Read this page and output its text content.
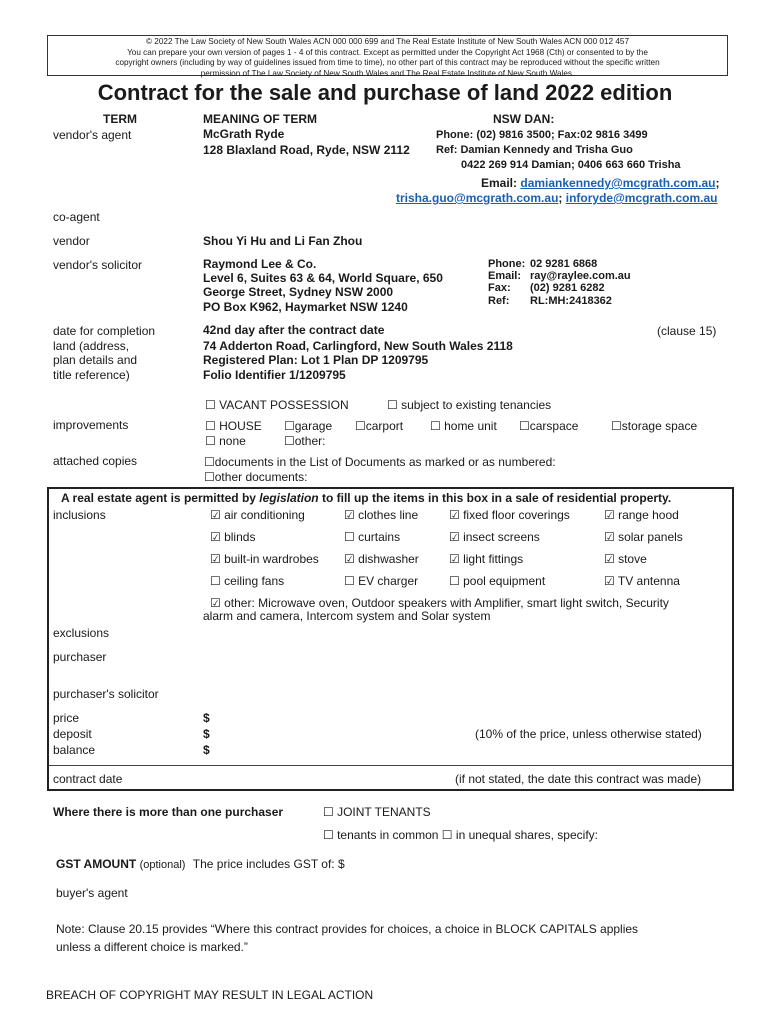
© 2022 The Law Society of New South Wales ACN 000 000 699 and The Real Estate Institute of New South Wales ACN 000 012 457
You can prepare your own version of pages 1 - 4 of this contract. Except as permitted under the Copyright Act 1968 (Cth) or consented to by the
copyright owners (including by way of guidelines issued from time to time), no other part of this contract may be reproduced without the specific written
permission of The Law Society of New South Wales and The Real Estate Institute of New South Wales.
Contract for the sale and purchase of land 2022 edition
TERM	MEANING OF TERM	NSW DAN:
vendor's agent	McGrath Ryde
128 Blaxland Road, Ryde, NSW 2112
Phone: (02) 9816 3500; Fax:02 9816 3499
Ref: Damian Kennedy and Trisha Guo
0422 269 914 Damian; 0406 663 660 Trisha
Email: damiankennedy@mcgrath.com.au;
trisha.guo@mcgrath.com.au; inforyde@mcgrath.com.au
co-agent
vendor	Shou Yi Hu and Li Fan Zhou
vendor's solicitor	Raymond Lee & Co.
Level 6, Suites 63 & 64, World Square, 650
George Street, Sydney NSW 2000
PO Box K962, Haymarket NSW 1240
Phone: 02 9281 6868
Email: ray@raylee.com.au
Fax: (02) 9281 6282
Ref: RL:MH:2418362
date for completion	42nd day after the contract date	(clause 15)
land (address,
plan details and
title reference)
74 Adderton Road, Carlingford, New South Wales 2118
Registered Plan: Lot 1 Plan DP 1209795
Folio Identifier 1/1209795
☐ VACANT POSSESSION	☐ subject to existing tenancies
improvements	☐ HOUSE ☐garage ☐carport ☐ home unit ☐carspace	☐storage space
☐ none	☐other:
attached copies	☐documents in the List of Documents as marked or as numbered:
☐other documents:
A real estate agent is permitted by legislation to fill up the items in this box in a sale of residential property.
inclusions	☑ air conditioning	☑ clothes line	☑ fixed floor coverings	☑ range hood
☑ blinds	☐ curtains	☑ insect screens	☑ solar panels
☑ built-in wardrobes ☑ dishwasher	☑ light fittings	☑ stove
☐ ceiling fans	☐ EV charger	☐ pool equipment	☑ TV antenna
☑ other: Microwave oven, Outdoor speakers with Amplifier, smart light switch, Security
alarm and camera, Intercom system and Solar system
exclusions
purchaser
purchaser's solicitor
price	$
deposit	$	(10% of the price, unless otherwise stated)
balance	$
contract date	(if not stated, the date this contract was made)
Where there is more than one purchaser	☐ JOINT TENANTS
☐ tenants in common ☐ in unequal shares, specify:
GST AMOUNT (optional) The price includes GST of: $
buyer's agent
Note: Clause 20.15 provides “Where this contract provides for choices, a choice in BLOCK CAPITALS applies
unless a different choice is marked.”
BREACH OF COPYRIGHT MAY RESULT IN LEGAL ACTION
